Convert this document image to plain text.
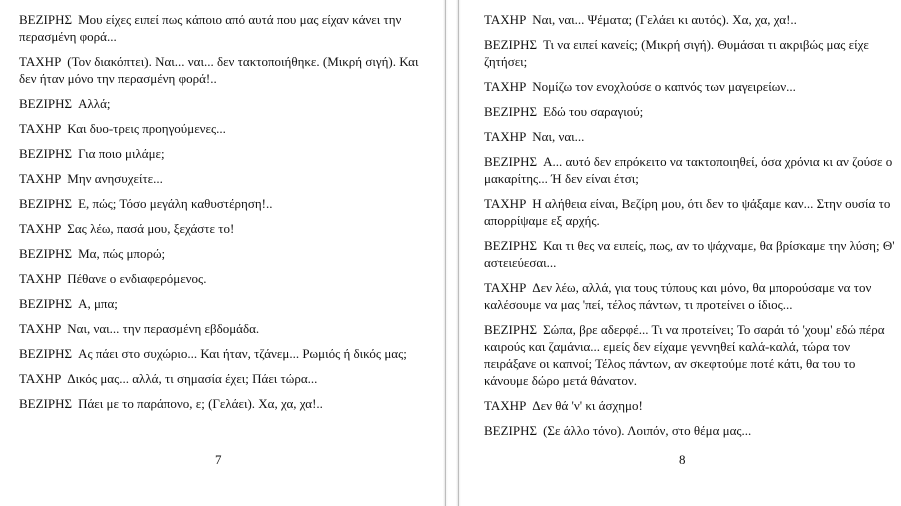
ΒΕΖΙΡΗΣ Μου είχες ειπεί πως κάποιο από αυτά που μας είχαν κάνει την περασμένη φορά...

ΤΑΧΗΡ (Τον διακόπτει). Ναι... ναι... δεν τακτοποιήθηκε. (Μικρή σιγή). Και δεν ήταν μόνο την περασμένη φορά!..

ΒΕΖΙΡΗΣ Αλλά;

ΤΑΧΗΡ Και δυο-τρεις προηγούμενες...

ΒΕΖΙΡΗΣ Για ποιο μιλάμε;

ΤΑΧΗΡ Μην ανησυχείτε...

ΒΕΖΙΡΗΣ Ε, πώς; Τόσο μεγάλη καθυστέρηση!..

ΤΑΧΗΡ Σας λέω, πασά μου, ξεχάστε το!

ΒΕΖΙΡΗΣ Μα, πώς μπορώ;

ΤΑΧΗΡ Πέθανε ο ενδιαφερόμενος.

ΒΕΖΙΡΗΣ Α, μπα;

ΤΑΧΗΡ Ναι, ναι... την περασμένη εβδομάδα.

ΒΕΖΙΡΗΣ Ας πάει στο συχώριο... Και ήταν, τζάνεμ... Ρωμιός ή δικός μας;

ΤΑΧΗΡ Δικός μας... αλλά, τι σημασία έχει; Πάει τώρα...

ΒΕΖΙΡΗΣ Πάει με το παράπονο, ε; (Γελάει). Χα, χα, χα!..

7

ΤΑΧΗΡ Ναι, ναι... Ψέματα; (Γελάει κι αυτός). Χα, χα, χα!..

ΒΕΖΙΡΗΣ Τι να ειπεί κανείς; (Μικρή σιγή). Θυμάσαι τι ακριβώς μας είχε ζητήσει;

ΤΑΧΗΡ Νομίζω τον ενοχλούσε ο καπνός των μαγειρείων...

ΒΕΖΙΡΗΣ Εδώ του σαραγιού;

ΤΑΧΗΡ Ναι, ναι...

ΒΕΖΙΡΗΣ Α... αυτό δεν επρόκειτο να τακτοποιηθεί, όσα χρόνια κι αν ζούσε ο μακαρίτης... Ή δεν είναι έτσι;

ΤΑΧΗΡ Η αλήθεια είναι, Βεζίρη μου, ότι δεν το ψάξαμε καν... Στην ουσία το απορρίψαμε εξ αρχής.

ΒΕΖΙΡΗΣ Και τι θες να ειπείς, πως, αν το ψάχναμε, θα βρίσκαμε την λύση; Θ' αστειεύεσαι...

ΤΑΧΗΡ Δεν λέω, αλλά, για τους τύπους και μόνο, θα μπορούσαμε να τον καλέσουμε να μας 'πεί, τέλος πάντων, τι προτείνει ο ίδιος...

ΒΕΖΙΡΗΣ Σώπα, βρε αδερφέ... Τι να προτείνει; Το σαράι τό 'χουμ' εδώ πέρα καιρούς και ζαμάνια... εμείς δεν είχαμε γεννηθεί καλά-καλά, τώρα τον πειράξανε οι καπνοί; Τέλος πάντων, αν σκεφτούμε ποτέ κάτι, θα του το κάνουμε δώρο μετά θάνατον.

ΤΑΧΗΡ Δεν θά 'ν' κι άσχημο!

ΒΕΖΙΡΗΣ (Σε άλλο τόνο). Λοιπόν, στο θέμα μας...

8
